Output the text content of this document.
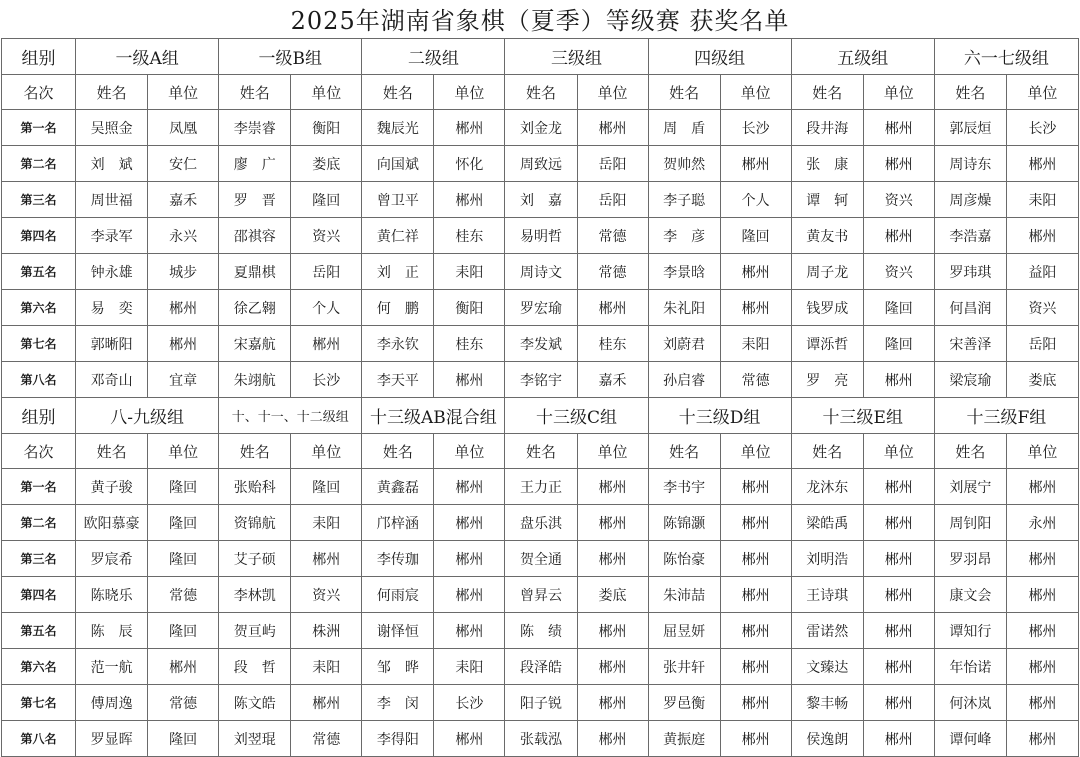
2025年湖南省象棋（夏季）等级赛 获奖名单
组别	一级A组		一级B组		二级组		三级组		四级组		五级组		六一七级组	
名次	姓名	单位	姓名	单位	姓名	单位	姓名	单位	姓名	单位	姓名	单位	姓名	单位
第一名	吴照金	凤凰	李崇睿	衡阳	魏辰光	郴州	刘金龙	郴州	周　盾	长沙	段井海	郴州	郭辰烜	长沙
第二名	刘　斌	安仁	廖　广	娄底	向国斌	怀化	周致远	岳阳	贺帅然	郴州	张　康	郴州	周诗东	郴州
第三名	周世福	嘉禾	罗　晋	隆回	曾卫平	郴州	刘　嘉	岳阳	李子聪	个人	谭　轲	资兴	周彦燥	耒阳
第四名	李录军	永兴	邵祺容	资兴	黄仁祥	桂东	易明哲	常德	李　彦	隆回	黄友书	郴州	李浩嘉	郴州
第五名	钟永雄	城步	夏鼎棋	岳阳	刘　正	耒阳	周诗文	常德	李景晗	郴州	周子龙	资兴	罗玮琪	益阳
第六名	易　奕	郴州	徐乙翱	个人	何　鹏	衡阳	罗宏瑜	郴州	朱礼阳	郴州	钱罗成	隆回	何昌润	资兴
第七名	郭晰阳	郴州	宋嘉航	郴州	李永钦	桂东	李发斌	桂东	刘蔚君	耒阳	谭泺哲	隆回	宋善泽	岳阳
第八名	邓奇山	宜章	朱翊航	长沙	李天平	郴州	李铭宇	嘉禾	孙启睿	常德	罗　亮	郴州	梁宸瑜	娄底
组别	八-九级组		十、十一、十二级组		十三级AB混合组		十三级C组		十三级D组		十三级E组		十三级F组	
名次	姓名	单位	姓名	单位	姓名	单位	姓名	单位	姓名	单位	姓名	单位	姓名	单位
第一名	黄子骏	隆回	张贻科	隆回	黄鑫磊	郴州	王力正	郴州	李书宇	郴州	龙沐东	郴州	刘展宁	郴州
第二名	欧阳慕豪	隆回	资锦航	耒阳	邝梓涵	郴州	盘乐淇	郴州	陈锦灏	郴州	梁皓禹	郴州	周钊阳	永州
第三名	罗宸希	隆回	艾子硕	郴州	李传珈	郴州	贺全通	郴州	陈怡豪	郴州	刘明浩	郴州	罗羽昂	郴州
第四名	陈晓乐	常德	李林凯	资兴	何雨宸	郴州	曾昇云	娄底	朱沛喆	郴州	王诗琪	郴州	康文会	郴州
第五名	陈　辰	隆回	贺亘屿	株洲	谢怿恒	郴州	陈　绩	郴州	屈昱妍	郴州	雷诺然	郴州	谭知行	郴州
第六名	范一航	郴州	段　哲	耒阳	邹　晔	耒阳	段泽皓	郴州	张井轩	郴州	文臻达	郴州	年怡诺	郴州
第七名	傅周逸	常德	陈文皓	郴州	李　闵	长沙	阳子锐	郴州	罗邑衡	郴州	黎丰畅	郴州	何沐岚	郴州
第八名	罗显晖	隆回	刘翌琨	常德	李得阳	郴州	张载泓	郴州	黄振庭	郴州	侯逸朗	郴州	谭何峰	郴州
